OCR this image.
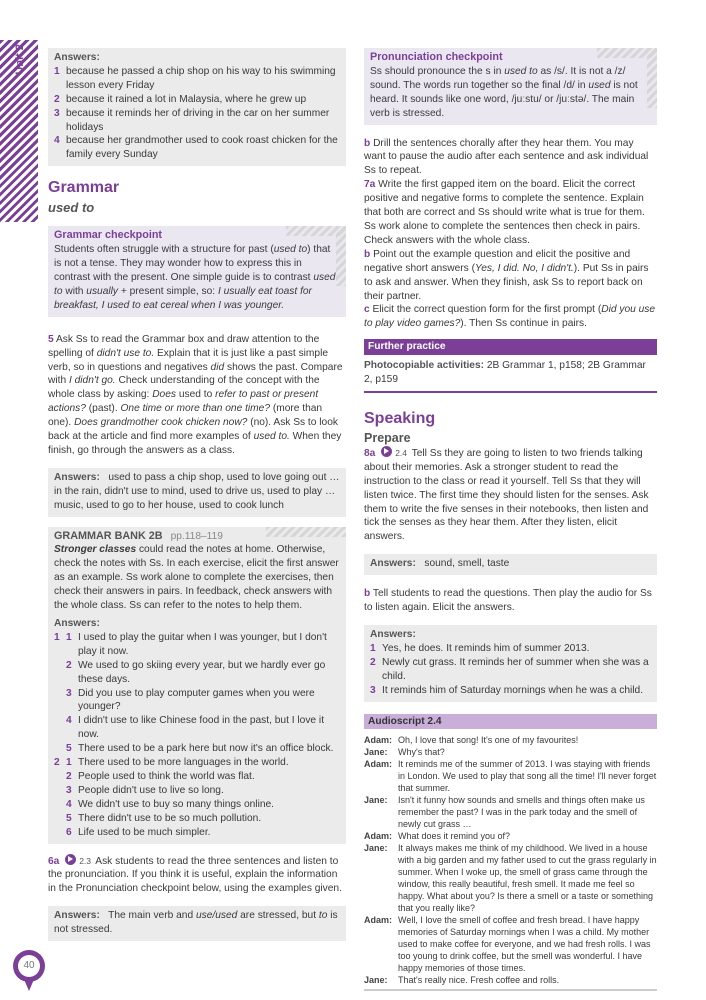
Unit 2	Answers:
1 because he passed a chip shop on his way to his swimming lesson every Friday
2 because it rained a lot in Malaysia, where he grew up
3 because it reminds her of driving in the car on her summer holidays
4 because her grandmother used to cook roast chicken for the family every Sunday
Grammar
used to
Grammar checkpoint
Students often struggle with a structure for past (used to) that is not a tense. They may wonder how to express this in contrast with the present. One simple guide is to contrast used to with usually + present simple, so: I usually eat toast for breakfast, I used to eat cereal when I was younger.

5 Ask Ss to read the Grammar box and draw attention to the spelling of didn't use to. Explain that it is just like a past simple verb, so in questions and negatives did shows the past. Compare with I didn't go. Check understanding of the concept with the whole class by asking: Does used to refer to past or present actions? (past). One time or more than one time? (more than one). Does grandmother cook chicken now? (no). Ask Ss to look back at the article and find more examples of used to. When they finish, go through the answers as a class.

Answers: used to pass a chip shop, used to love going out … in the rain, didn't use to mind, used to drive us, used to play … music, used to go to her house, used to cook lunch
GRAMMAR BANK 2B pp.118–119
Stronger classes could read the notes at home. Otherwise, check the notes with Ss. In each exercise, elicit the first answer as an example. Ss work alone to complete the exercises, then check their answers in pairs. In feedback, check answers with the whole class. Ss can refer to the notes to help them.
Answers:
1 1 I used to play the guitar when I was younger, but I don't play it now.
2 We used to go skiing every year, but we hardly ever go these days.
3 Did you use to play computer games when you were younger?
4 I didn't use to like Chinese food in the past, but I love it now.
5 There used to be a park here but now it's an office block.
2 1 There used to be more languages in the world.
2 People used to think the world was flat.
3 People didn't use to live so long.
4 We didn't use to buy so many things online.
5 There didn't use to be so much pollution.
6 Life used to be much simpler.

6a 2.3 Ask students to read the three sentences and listen to the pronunciation. If you think it is useful, explain the information in the Pronunciation checkpoint below, using the examples given.

Answers: The main verb and use/used are stressed, but to is not stressed.
Pronunciation checkpoint
Ss should pronounce the s in used to as /s/. It is not a /z/ sound. The words run together so the final /d/ in used is not heard. It sounds like one word, /juːstu/ or /juːstə/. The main verb is stressed.

b Drill the sentences chorally after they hear them. You may want to pause the audio after each sentence and ask individual Ss to repeat.

7a Write the first gapped item on the board. Elicit the correct positive and negative forms to complete the sentence. Explain that both are correct and Ss should write what is true for them. Ss work alone to complete the sentences then check in pairs. Check answers with the whole class.

b Point out the example question and elicit the positive and negative short answers (Yes, I did. No, I didn't.). Put Ss in pairs to ask and answer. When they finish, ask Ss to report back on their partner.

c Elicit the correct question form for the first prompt (Did you use to play video games?). Then Ss continue in pairs.

Further practice
Photocopiable activities: 2B Grammar 1, p158; 2B Grammar 2, p159
Speaking
Prepare

8a 2.4 Tell Ss they are going to listen to two friends talking about their memories. Ask a stronger student to read the instruction to the class or read it yourself. Tell Ss that they will listen twice. The first time they should listen for the senses. Ask them to write the five senses in their notebooks, then listen and tick the senses as they hear them. After they listen, elicit answers.

Answers: sound, smell, taste

b Tell students to read the questions. Then play the audio for Ss to listen again. Elicit the answers.

Answers:
1 Yes, he does. It reminds him of summer 2013.
2 Newly cut grass. It reminds her of summer when she was a child.
3 It reminds him of Saturday mornings when he was a child.
Audioscript 2.4
Adam: Oh, I love that song! It's one of my favourites!
Jane:	Why's that?
Adam: It reminds me of the summer of 2013. I was staying with friends in London. We used to play that song all the time! I'll never forget that summer.
Jane:	Isn't it funny how sounds and smells and things often make us remember the past? I was in the park today and the smell of newly cut grass …
Adam: What does it remind you of?
Jane:	It always makes me think of my childhood. We lived in a house with a big garden and my father used to cut the grass regularly in summer. When I woke up, the smell of grass came through the window, this really beautiful, fresh smell. It made me feel so happy. What about you? Is there a smell or a taste or something that you really like?
Adam: Well, I love the smell of coffee and fresh bread. I have happy memories of Saturday mornings when I was a child. My mother used to make coffee for everyone, and we had fresh rolls. I was too young to drink coffee, but the smell was wonderful. I have happy memories of those times.
Jane:	That's really nice. Fresh coffee and rolls.
40
